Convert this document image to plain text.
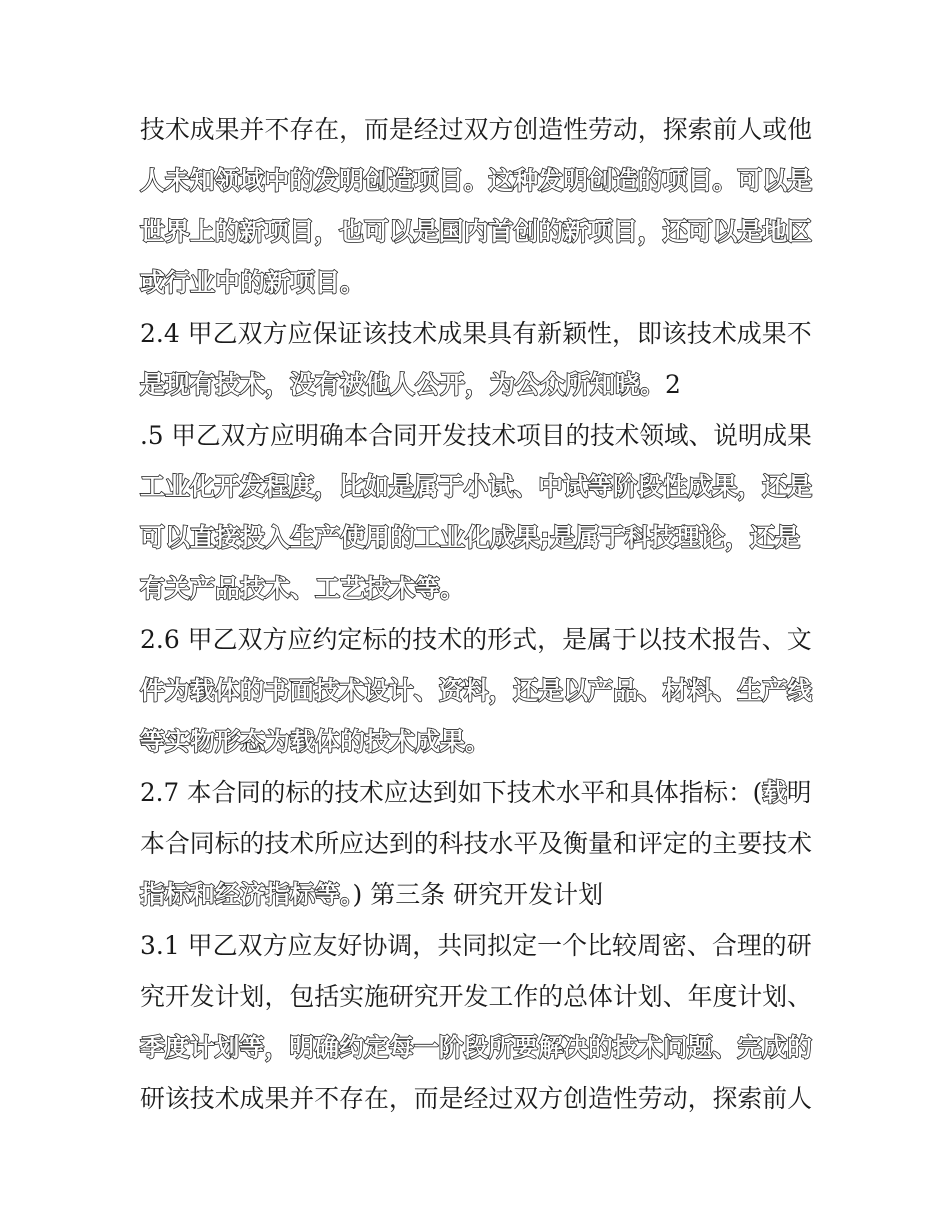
技术成果并不存在，而是经过双方创造性劳动，探索前人或他
人未知领域中的发明创造项目。这种发明创造的项目。可以是
世界上的新项目，也可以是国内首创的新项目，还可以是地区
或行业中的新项目。
2.4 甲乙双方应保证该技术成果具有新颖性，即该技术成果不
是现有技术，没有被他人公开，为公众所知晓。2
.5 甲乙双方应明确本合同开发技术项目的技术领域、说明成果
工业化开发程度，比如是属于小试、中试等阶段性成果，还是
可以直接投入生产使用的工业化成果;是属于科技理论，还是
有关产品技术、工艺技术等。
2.6 甲乙双方应约定标的技术的形式，是属于以技术报告、文
件为载体的书面技术设计、资料，还是以产品、材料、生产线
等实物形态为载体的技术成果。
2.7 本合同的标的技术应达到如下技术水平和具体指标：(载明
本合同标的技术所应达到的科技水平及衡量和评定的主要技术
指标和经济指标等。) 第三条 研究开发计划
3.1 甲乙双方应友好协调，共同拟定一个比较周密、合理的研
究开发计划，包括实施研究开发工作的总体计划、年度计划、
季度计划等，明确约定每一阶段所要解决的技术问题、完成的
研该技术成果并不存在，而是经过双方创造性劳动，探索前人
